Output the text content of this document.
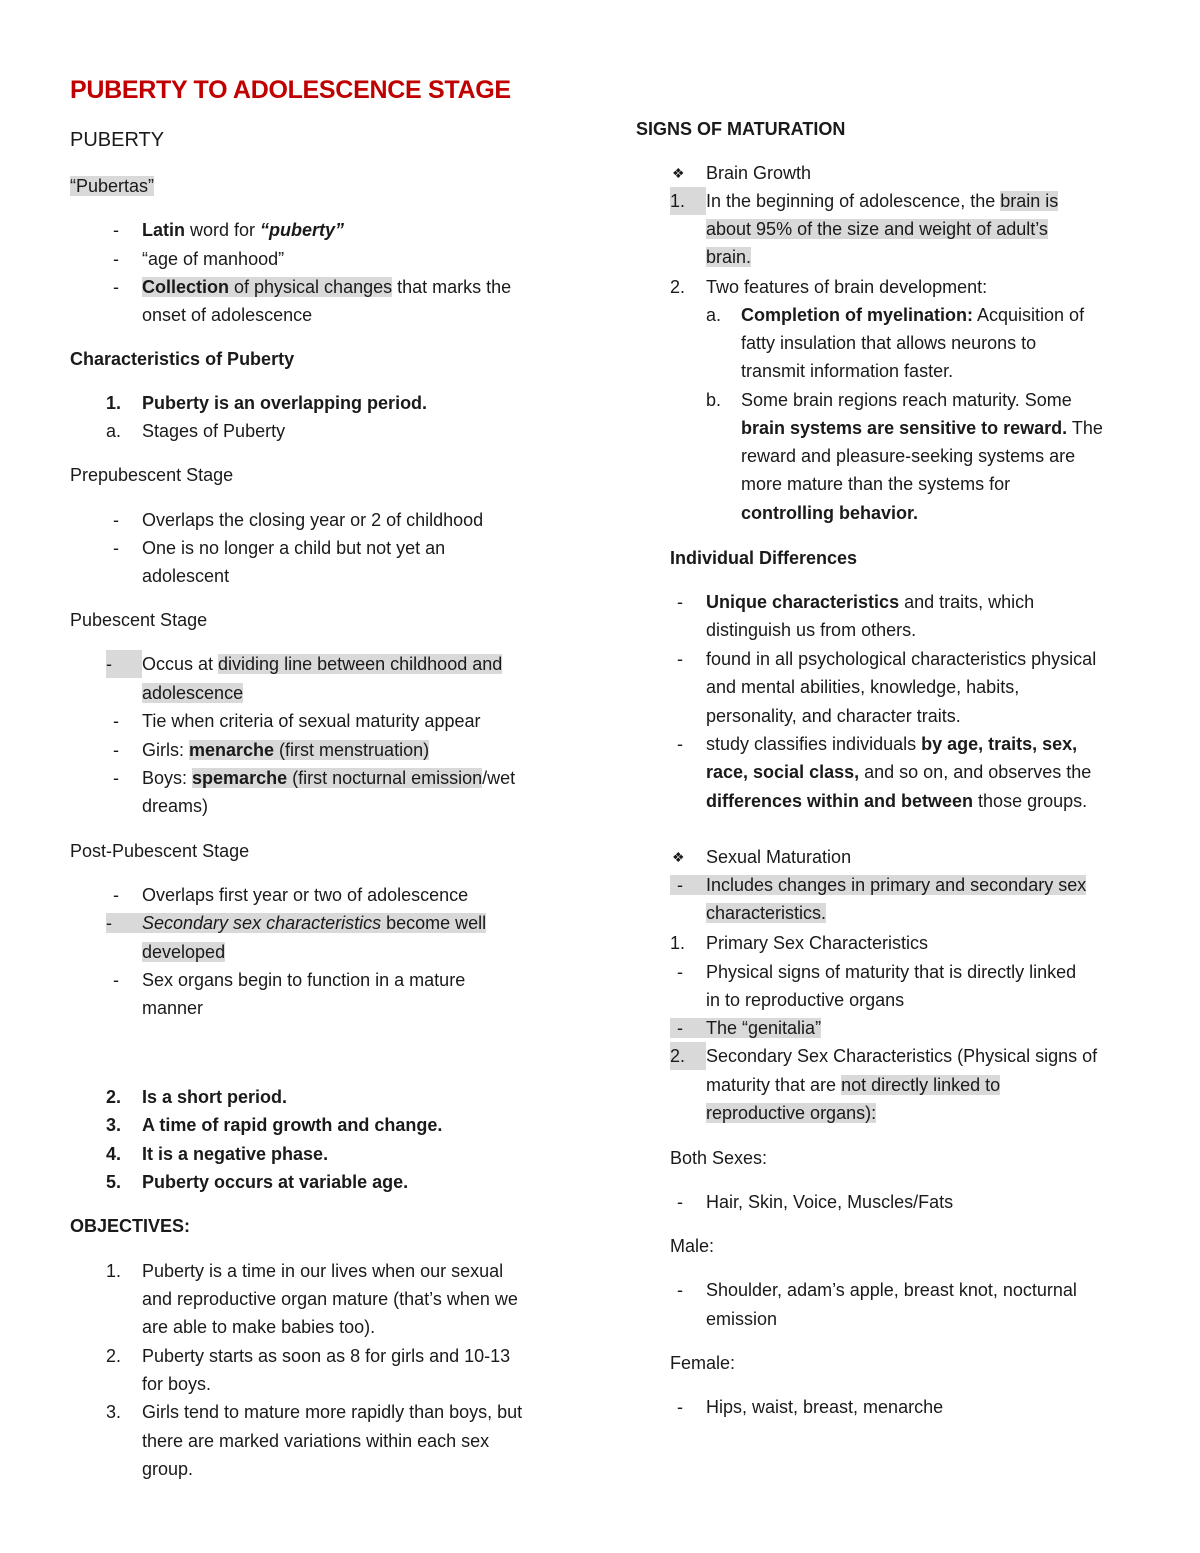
PUBERTY TO ADOLESCENCE STAGE
PUBERTY
“Pubertas”
-	Latin word for “puberty”
-	“age of manhood”
-	Collection of physical changes that marks the
onset of adolescence
Characteristics of Puberty
1.	Puberty is an overlapping period.
a.	Stages of Puberty
Prepubescent Stage
-	Overlaps the closing year or 2 of childhood
-	One is no longer a child but not yet an
adolescent
Pubescent Stage
- Occus at dividing line between childhood and
adolescence
-	Tie when criteria of sexual maturity appear
-	Girls: menarche (first menstruation)
-	Boys: spemarche (first nocturnal emission/wet
dreams)
Post-Pubescent Stage
-	Overlaps first year or two of adolescence
- Secondary sex characteristics become well
developed
-	Sex organs begin to function in a mature
manner
2.	Is a short period.
3.	A time of rapid growth and change.
4.	It is a negative phase.
5.	Puberty occurs at variable age.
OBJECTIVES:
1.	Puberty is a time in our lives when our sexual
and reproductive organ mature (that’s when we
are able to make babies too).
2.	Puberty starts as soon as 8 for girls and 10-13
for boys.
3.	Girls tend to mature more rapidly than boys, but
there are marked variations within each sex
group.
SIGNS OF MATURATION
❖	Brain Growth
1. In the beginning of adolescence, the brain is
about 95% of the size and weight of adult’s
brain.
2.	Two features of brain development:
a.	Completion of myelination: Acquisition of
fatty insulation that allows neurons to
transmit information faster.
b.	Some brain regions reach maturity. Some
brain systems are sensitive to reward. The
reward and pleasure-seeking systems are
more mature than the systems for
controlling behavior.
Individual Differences
-	Unique characteristics and traits, which
distinguish us from others.
-	found in all psychological characteristics physical
and mental abilities, knowledge, habits,
personality, and character traits.
-	study classifies individuals by age, traits, sex,
race, social class, and so on, and observes the
differences within and between those groups.
❖	Sexual Maturation
- Includes changes in primary and secondary sex
characteristics.
1.	Primary Sex Characteristics
-	Physical signs of maturity that is directly linked
in to reproductive organs
- The “genitalia”
2. Secondary Sex Characteristics (Physical signs of
maturity that are not directly linked to
reproductive organs):
Both Sexes:
-	Hair, Skin, Voice, Muscles/Fats
Male:
-	Shoulder, adam’s apple, breast knot, nocturnal
emission
Female:
-	Hips, waist, breast, menarche
